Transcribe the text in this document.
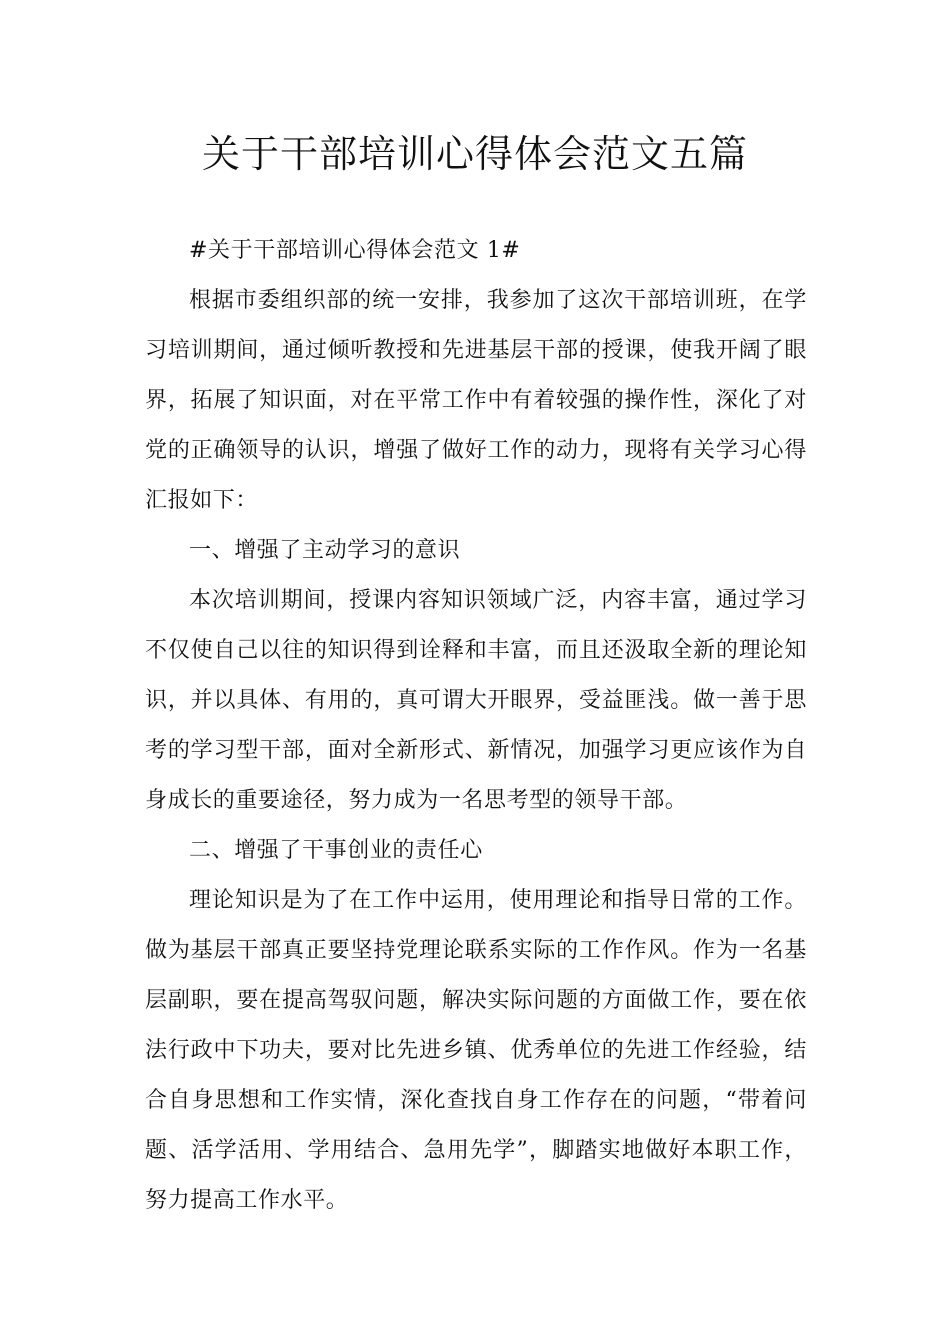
关于干部培训心得体会范文五篇

#关于干部培训心得体会范文 1#

根据市委组织部的统一安排，我参加了这次干部培训班，在学习培训期间，通过倾听教授和先进基层干部的授课，使我开阔了眼界，拓展了知识面，对在平常工作中有着较强的操作性，深化了对党的正确领导的认识，增强了做好工作的动力，现将有关学习心得汇报如下：

一、增强了主动学习的意识

本次培训期间，授课内容知识领域广泛，内容丰富，通过学习不仅使自己以往的知识得到诠释和丰富，而且还汲取全新的理论知识，并以具体、有用的，真可谓大开眼界，受益匪浅。做一善于思考的学习型干部，面对全新形式、新情况，加强学习更应该作为自身成长的重要途径，努力成为一名思考型的领导干部。

二、增强了干事创业的责任心

理论知识是为了在工作中运用，使用理论和指导日常的工作。做为基层干部真正要坚持党理论联系实际的工作作风。作为一名基层副职，要在提高驾驭问题，解决实际问题的方面做工作，要在依法行政中下功夫，要对比先进乡镇、优秀单位的先进工作经验，结合自身思想和工作实情，深化查找自身工作存在的问题，“带着问题、活学活用、学用结合、急用先学”，脚踏实地做好本职工作，努力提高工作水平。
